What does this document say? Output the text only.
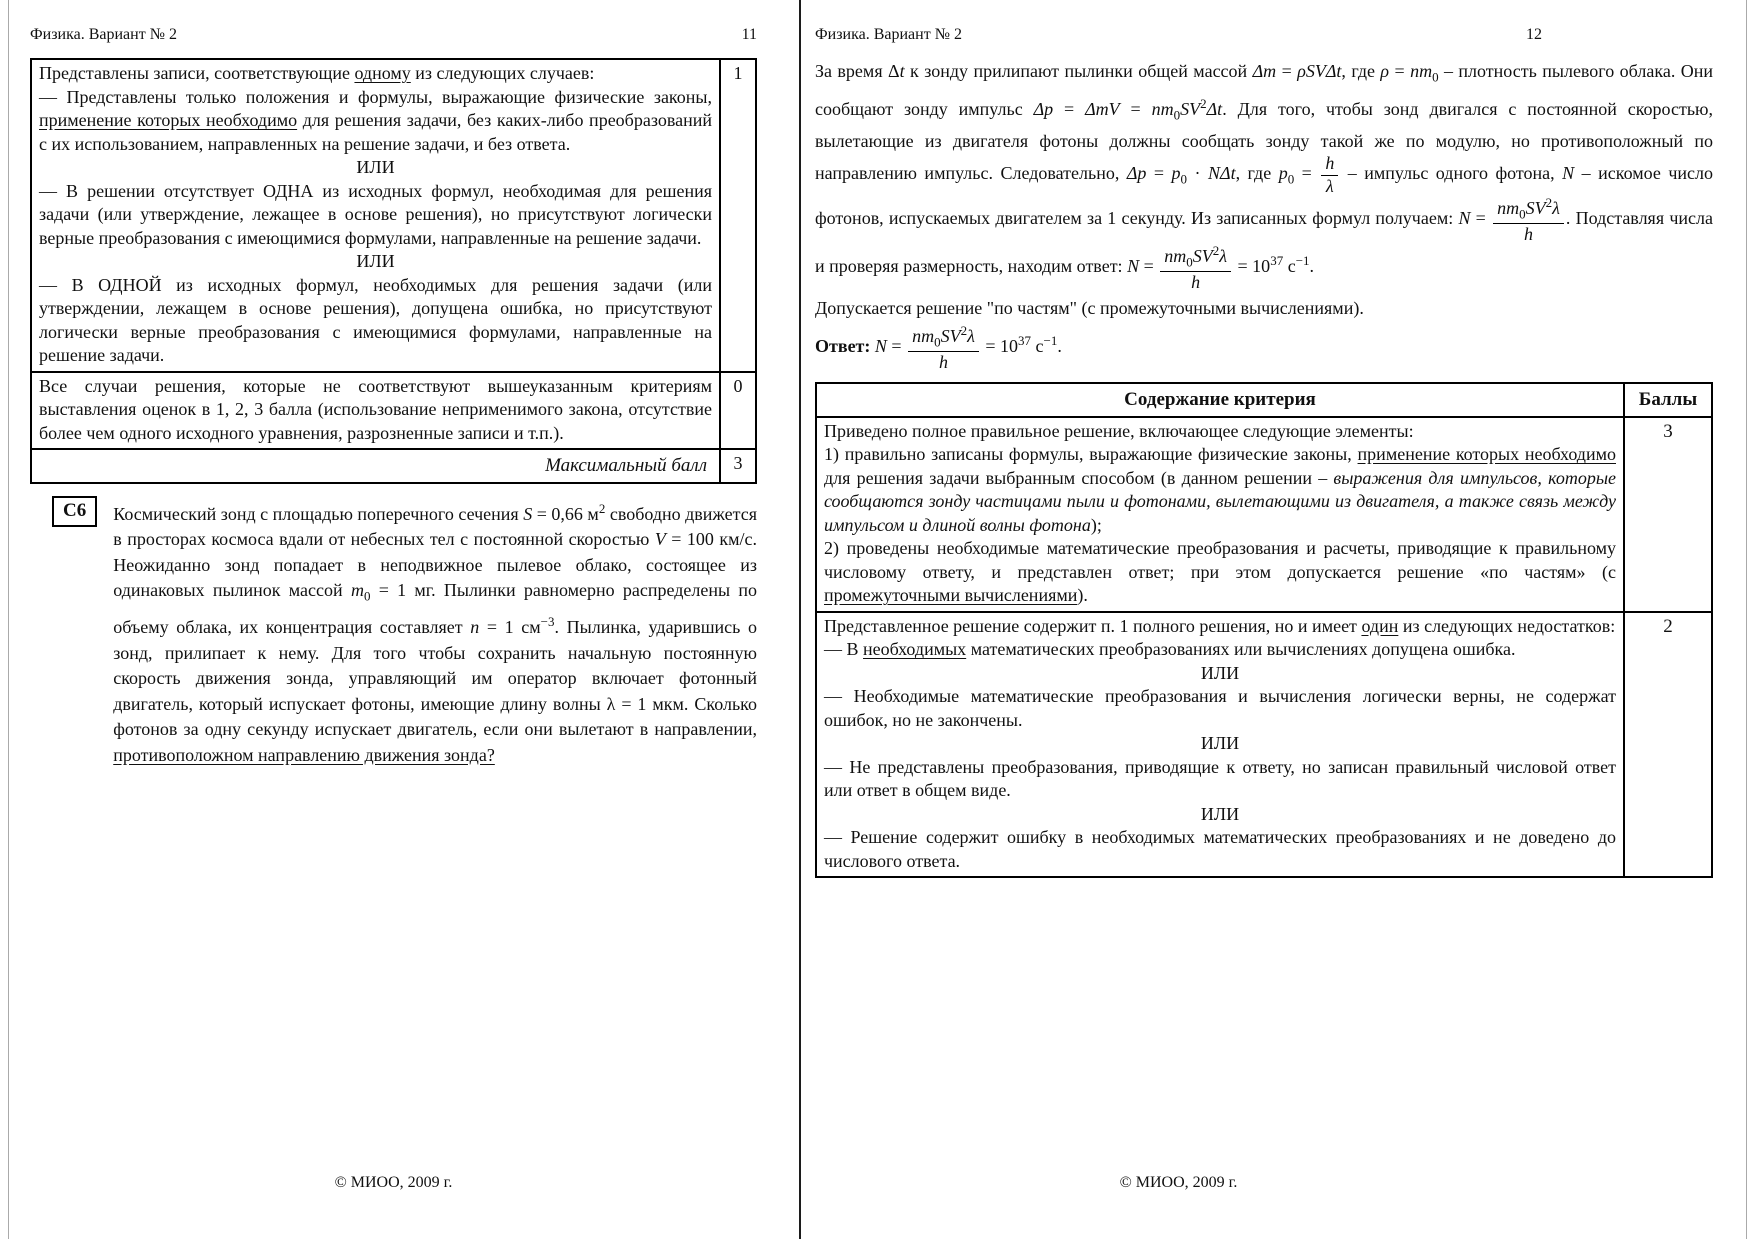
Физика. Вариант № 2	11
Представлены записи, соответствующие одному из следующих случаев:
— Представлены только положения и формулы, выражающие физические законы, применение которых необходимо для решения задачи, без каких-либо преобразований с их использованием, направленных на решение задачи, и без ответа.
ИЛИ
— В решении отсутствует ОДНА из исходных формул, необходимая для решения задачи (или утверждение, лежащее в основе решения), но присутствуют логически верные преобразования с имеющимися формулами, направленные на решение задачи.
ИЛИ
— В ОДНОЙ из исходных формул, необходимых для решения задачи (или утверждении, лежащем в основе решения), допущена ошибка, но присутствуют логически верные преобразования с имеющимися формулами, направленные на решение задачи.	1
Все случаи решения, которые не соответствуют вышеуказанным критериям выставления оценок в 1, 2, 3 балла (использование неприменимого закона, отсутствие более чем одного исходного уравнения, разрозненные записи и т.п.).	0
Максимальный балл	3
С6	Космический зонд с площадью поперечного сечения S = 0,66 $м^2$ свободно движется в просторах космоса вдали от небесных тел с постоянной скоростью V = 100 км/с. Неожиданно зонд попадает в неподвижное пылевое облако, состоящее из одинаковых пылинок массой $m_0 = 1$ мг. Пылинки равномерно распределены по объему облака, их концентрация составляет n = 1 $см^{-3}$. Пылинка, ударившись о зонд, прилипает к нему. Для того чтобы сохранить начальную постоянную скорость движения зонда, управляющий им оператор включает фотонный двигатель, который испускает фотоны, имеющие длину волны λ = 1 мкм. Сколько фотонов за одну секунду испускает двигатель, если они вылетают в направлении, противоположном направлению движения зонда?
© МИОО, 2009 г.
Физика. Вариант № 2	12
За время Δt к зонду прилипают пылинки общей массой Δm = ρSVΔt, где $\rho = nm_0$ – плотность пылевого облака. Они сообщают зонду импульс $\Delta p = \Delta mV = nm_0SV^2\Delta t$. Для того, чтобы зонд двигался с постоянной скоростью, вылетающие из двигателя фотоны должны сообщать зонду такой же по модулю, но противоположный по направлению импульс. Следовательно, $\Delta p = p_0 \cdot N\Delta t$, где $p_0 = \frac{h}{\lambda}$ – импульс одного фотона, N – искомое число фотонов, испускаемых двигателем за 1 секунду. Из записанных формул получаем: $N = \frac{nm_0SV^2\lambda}{h}$ . Подставляя числа и проверяя размерность, находим ответ: $N = \frac{nm_0SV^2\lambda}{h} = 10^{37}$ $с^{-1}$.
Допускается решение "по частям" (с промежуточными вычислениями).
Ответ: $N = \frac{nm_0SV^2\lambda}{h} = 10^{37}$ $с^{-1}$.
Содержание критерия	Баллы
Приведено полное правильное решение, включающее следующие элементы:
1) правильно записаны формулы, выражающие физические законы, применение которых необходимо для решения задачи выбранным способом (в данном решении – выражения для импульсов, которые сообщаются зонду частицами пыли и фотонами, вылетающими из двигателя, а также связь между импульсом и длиной волны фотона);
2) проведены необходимые математические преобразования и расчеты, приводящие к правильному числовому ответу, и представлен ответ; при этом допускается решение «по частям» (с промежуточными вычислениями).	3
Представленное решение содержит п. 1 полного решения, но и имеет один из следующих недостатков:
— В необходимых математических преобразованиях или вычислениях допущена ошибка.
ИЛИ
— Необходимые математические преобразования и вычисления логически верны, не содержат ошибок, но не закончены.
ИЛИ
— Не представлены преобразования, приводящие к ответу, но записан правильный числовой ответ или ответ в общем виде.
ИЛИ
— Решение содержит ошибку в необходимых математических преобразованиях и не доведено до числового ответа.	2
© МИОО, 2009 г.
